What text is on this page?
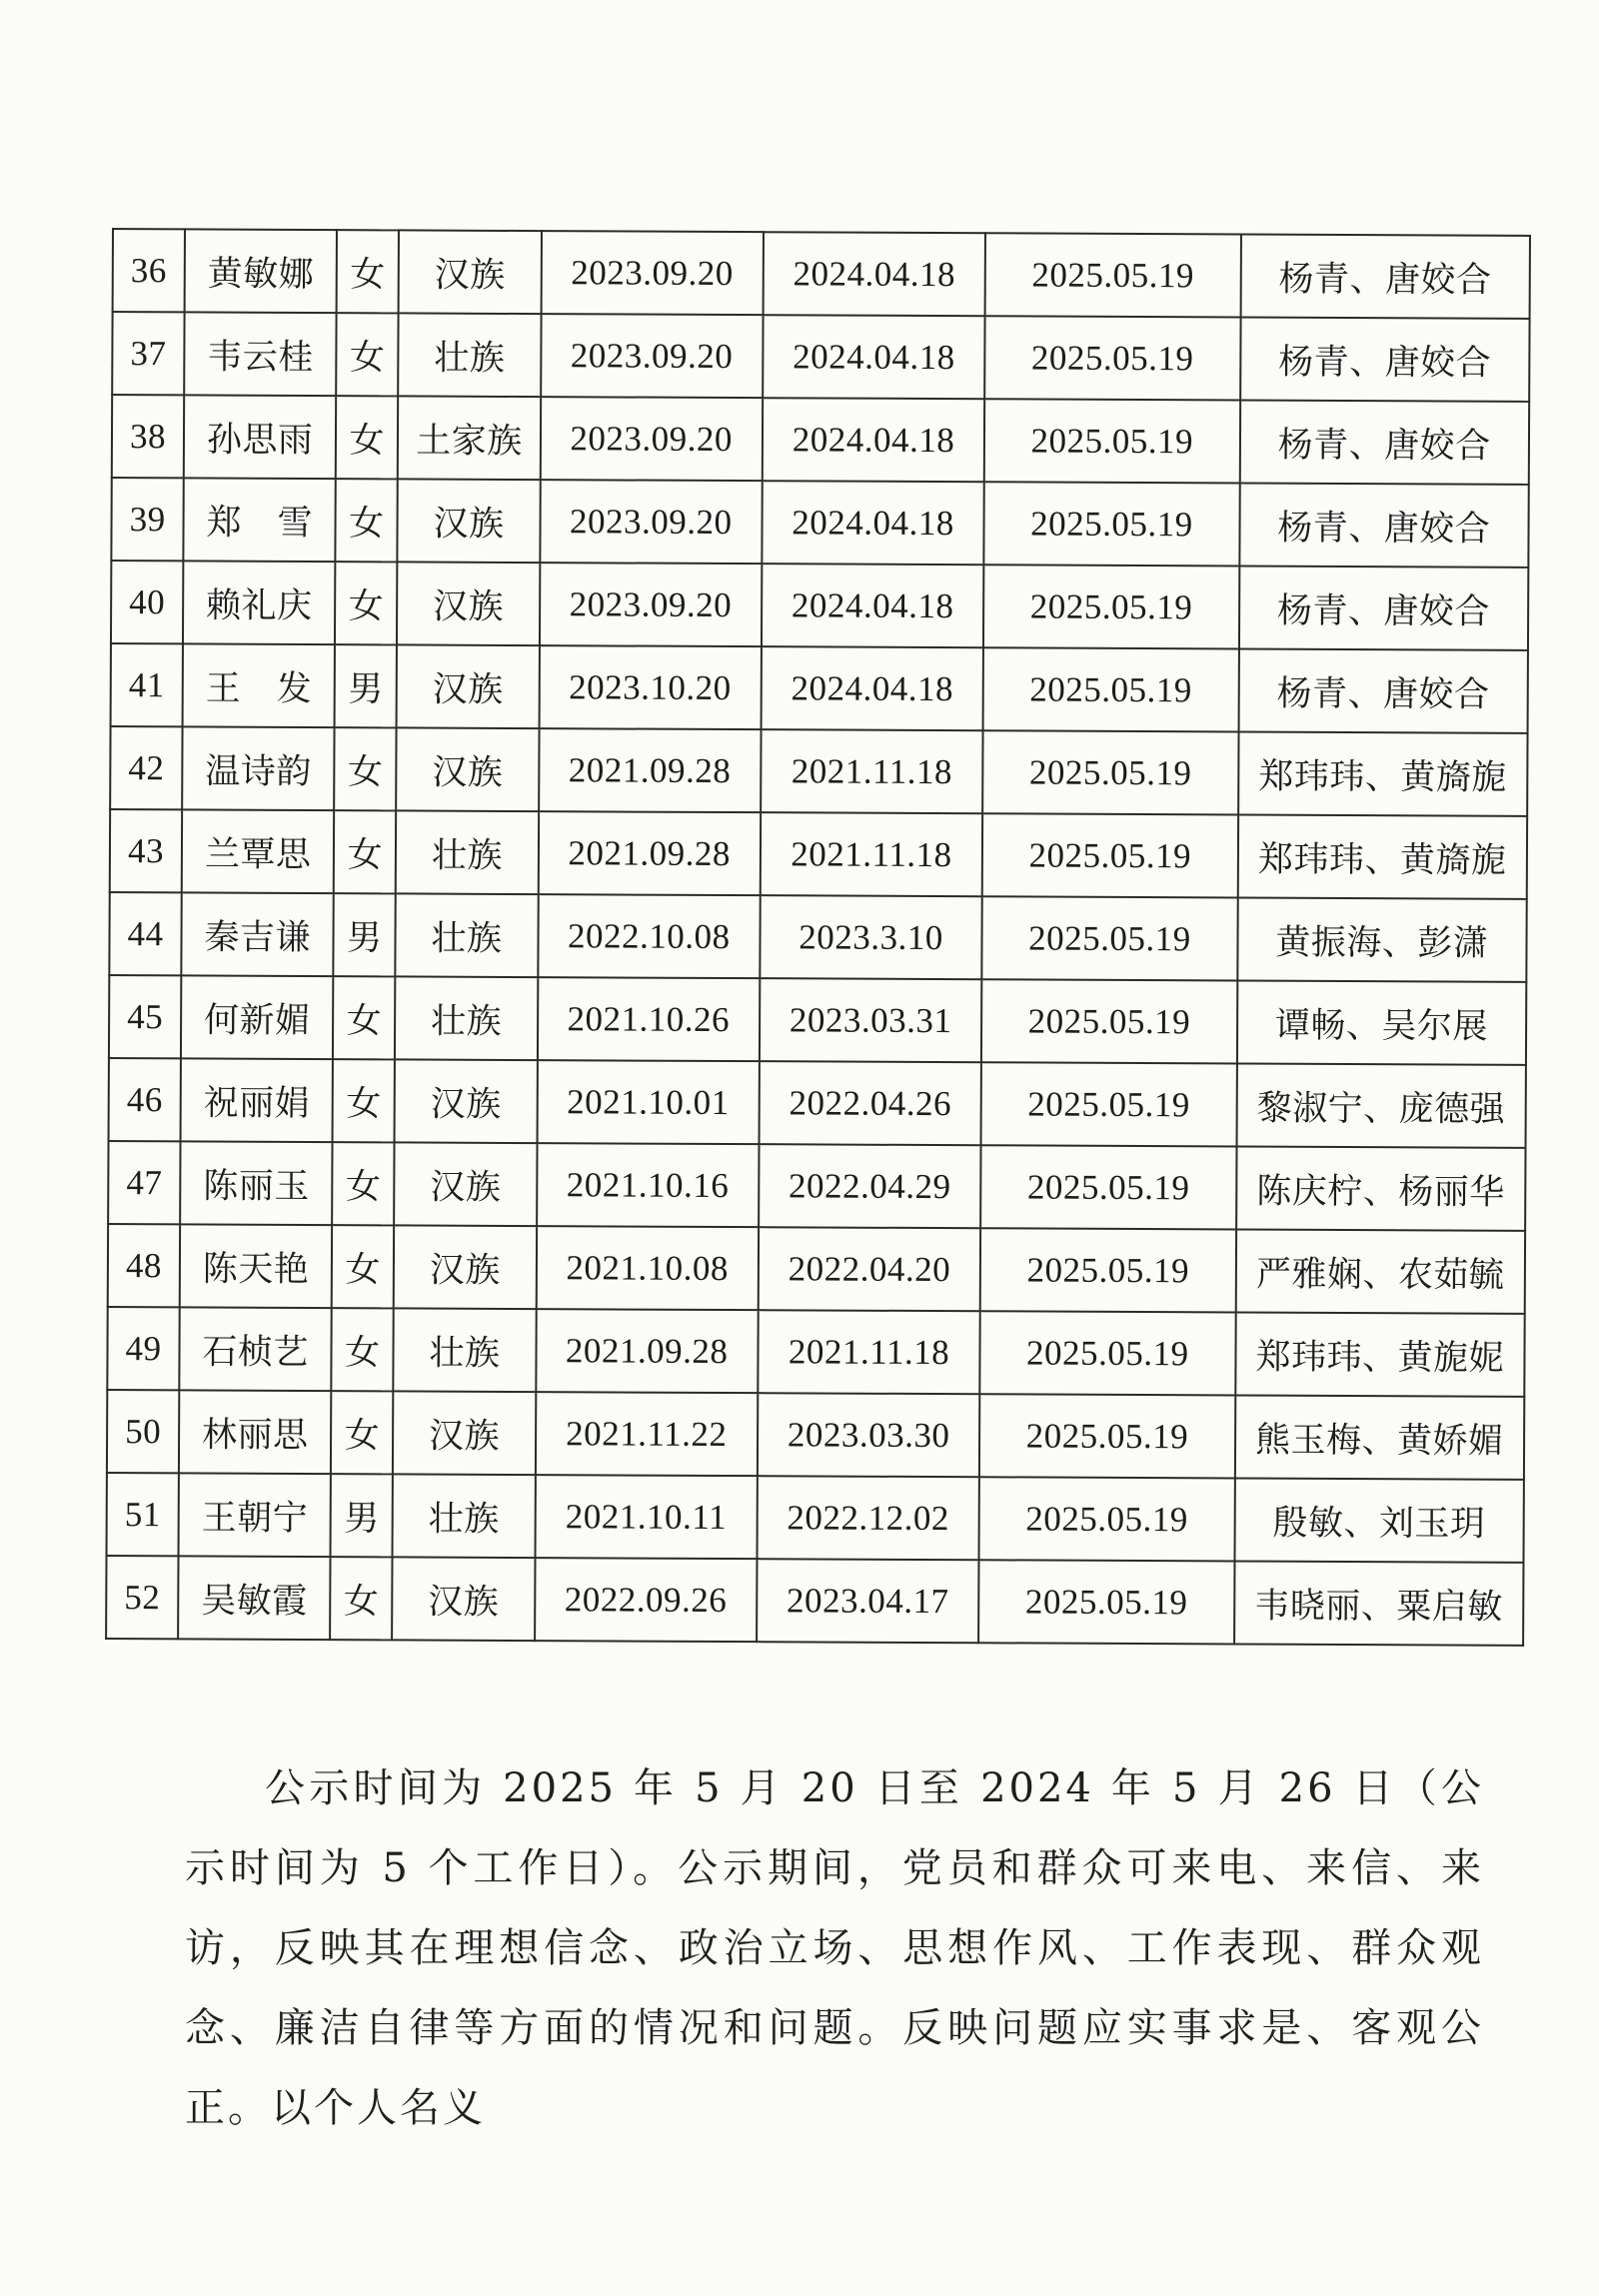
36	黄敏娜	女	汉族	2023.09.20	2024.04.18	2025.05.19	杨青、唐姣合
37	韦云桂	女	壮族	2023.09.20	2024.04.18	2025.05.19	杨青、唐姣合
38	孙思雨	女	土家族	2023.09.20	2024.04.18	2025.05.19	杨青、唐姣合
39	郑　雪	女	汉族	2023.09.20	2024.04.18	2025.05.19	杨青、唐姣合
40	赖礼庆	女	汉族	2023.09.20	2024.04.18	2025.05.19	杨青、唐姣合
41	王　发	男	汉族	2023.10.20	2024.04.18	2025.05.19	杨青、唐姣合
42	温诗韵	女	汉族	2021.09.28	2021.11.18	2025.05.19	郑玮玮、黄旖旎
43	兰覃思	女	壮族	2021.09.28	2021.11.18	2025.05.19	郑玮玮、黄旖旎
44	秦吉谦	男	壮族	2022.10.08	2023.3.10	2025.05.19	黄振海、彭潇
45	何新媚	女	壮族	2021.10.26	2023.03.31	2025.05.19	谭畅、吴尔展
46	祝丽娟	女	汉族	2021.10.01	2022.04.26	2025.05.19	黎淑宁、庞德强
47	陈丽玉	女	汉族	2021.10.16	2022.04.29	2025.05.19	陈庆柠、杨丽华
48	陈天艳	女	汉族	2021.10.08	2022.04.20	2025.05.19	严雅娴、农茹毓
49	石桢艺	女	壮族	2021.09.28	2021.11.18	2025.05.19	郑玮玮、黄旎妮
50	林丽思	女	汉族	2021.11.22	2023.03.30	2025.05.19	熊玉梅、黄娇媚
51	王朝宁	男	壮族	2021.10.11	2022.12.02	2025.05.19	殷敏、刘玉玥
52	吴敏霞	女	汉族	2022.09.26	2023.04.17	2025.05.19	韦晓丽、粟启敏

公示时间为 2025 年 5 月 20 日至 2024 年 5 月 26 日（公示时间为 5 个工作日）。公示期间，党员和群众可来电、来信、来访，反映其在理想信念、政治立场、思想作风、工作表现、群众观念、廉洁自律等方面的情况和问题。反映问题应实事求是、客观公正。以个人名义
